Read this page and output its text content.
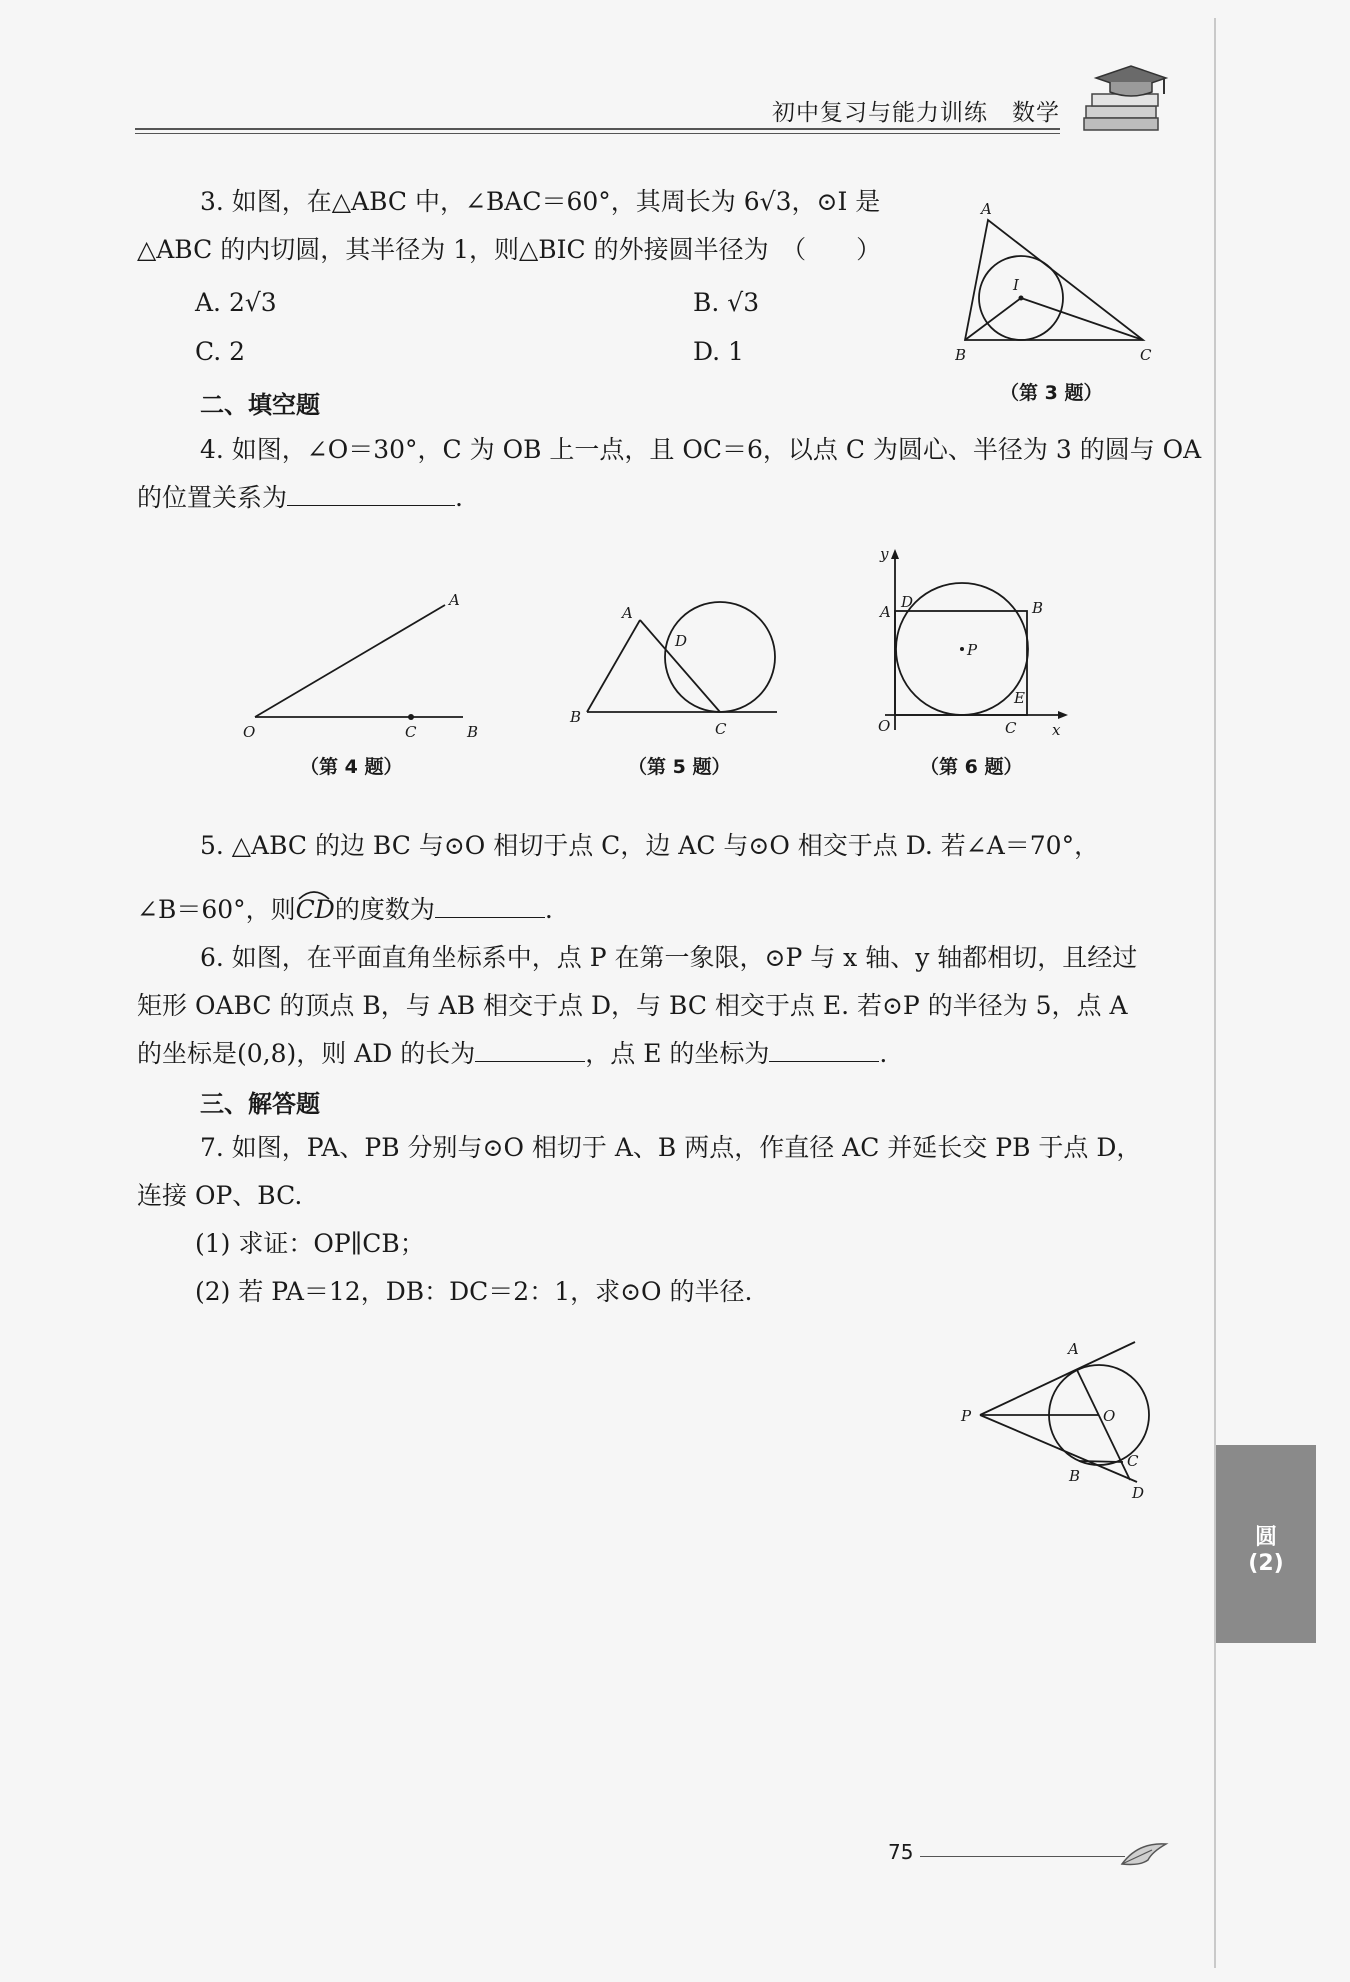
初中复习与能力训练　数学
3. 如图，在△ABC 中，∠BAC＝60°，其周长为 6√3，⊙I 是
△ABC 的内切圆，其半径为 1，则△BIC 的外接圆半径为　（　　）
A. 2√3	B. √3
C. 2	D. 1
A
B	C
I
（第 3 题）
二、填空题
4. 如图，∠O＝30°，C 为 OB 上一点，且 OC＝6，以点 C 为圆心、半径为 3 的圆与 OA
的位置关系为	.
O
A
B
C
（第 4 题）
A
B
C
D
（第 5 题）
y
x
O
A	B
C
D
E
P
（第 6 题）
5. △ABC 的边 BC 与⊙O 相切于点 C，边 AC 与⊙O 相交于点 D. 若∠A＝70°，
∠B＝60°，则
CD的度数为	.
6. 如图，在平面直角坐标系中，点 P 在第一象限，⊙P 与 x 轴、y 轴都相切，且经过
矩形 OABC 的顶点 B，与 AB 相交于点 D，与 BC 相交于点 E. 若⊙P 的半径为 5，点 A
的坐标是(0,8)，则 AD 的长为	，点 E 的坐标为	.
三、解答题
7. 如图，PA、PB 分别与⊙O 相切于 A、B 两点，作直径 AC 并延长交 PB 于点 D，
连接 OP、BC.
(1) 求证：OP∥CB；
(2) 若 PA＝12，DB：DC＝2：1，求⊙O 的半径.
A
P	O
B
C
D
圆
(2)
75
